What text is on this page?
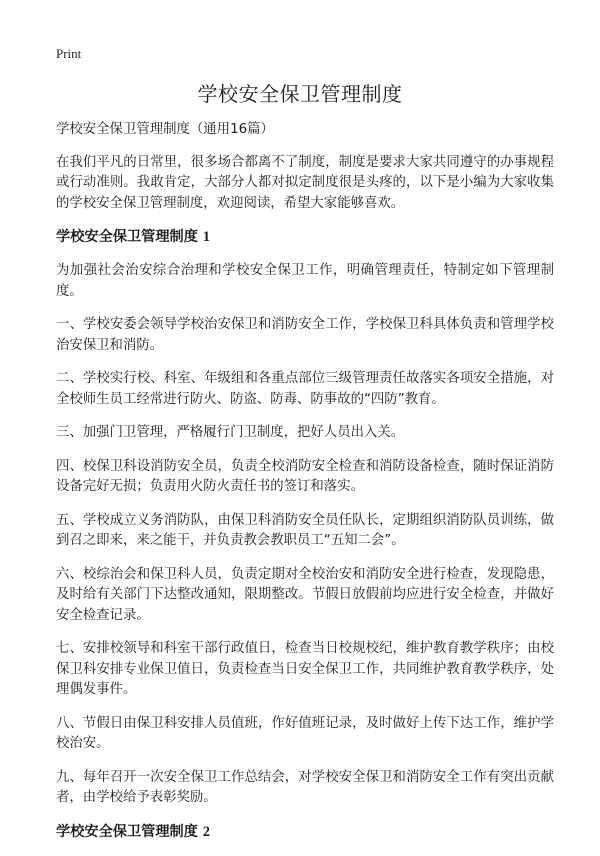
Print
学校安全保卫管理制度

学校安全保卫管理制度（通用16篇）

在我们平凡的日常里，很多场合都离不了制度，制度是要求大家共同遵守的办事规程或行动准则。我敢肯定，大部分人都对拟定制度很是头疼的，以下是小编为大家收集的学校安全保卫管理制度，欢迎阅读，希望大家能够喜欢。

学校安全保卫管理制度 1

为加强社会治安综合治理和学校安全保卫工作，明确管理责任，特制定如下管理制度。

一、学校安委会领导学校治安保卫和消防安全工作，学校保卫科具体负责和管理学校治安保卫和消防。

二、学校实行校、科室、年级组和各重点部位三级管理责任故落实各项安全措施，对全校师生员工经常进行防火、防盗、防毒、防事故的“四防”教育。

三、加强门卫管理，严格履行门卫制度，把好人员出入关。

四、校保卫科设消防安全员，负责全校消防安全检查和消防设备检查，随时保证消防设备完好无损；负责用火防火责任书的签订和落实。

五、学校成立义务消防队，由保卫科消防安全员任队长，定期组织消防队员训练，做到召之即来，来之能干，并负责教会教职员工“五知二会”。

六、校综治会和保卫科人员，负责定期对全校治安和消防安全进行检查，发现隐患，及时给有关部门下达整改通知，限期整改。节假日放假前均应进行安全检查，并做好安全检查记录。

七、安排校领导和科室干部行政值日，检查当日校规校纪，维护教育教学秩序；由校保卫科安排专业保卫值日，负责检查当日安全保卫工作，共同维护教育教学秩序，处理偶发事件。

八、节假日由保卫科安排人员值班，作好值班记录，及时做好上传下达工作，维护学校治安。

九、每年召开一次安全保卫工作总结会，对学校安全保卫和消防安全工作有突出贡献者，由学校给予表彰奖励。

学校安全保卫管理制度 2
